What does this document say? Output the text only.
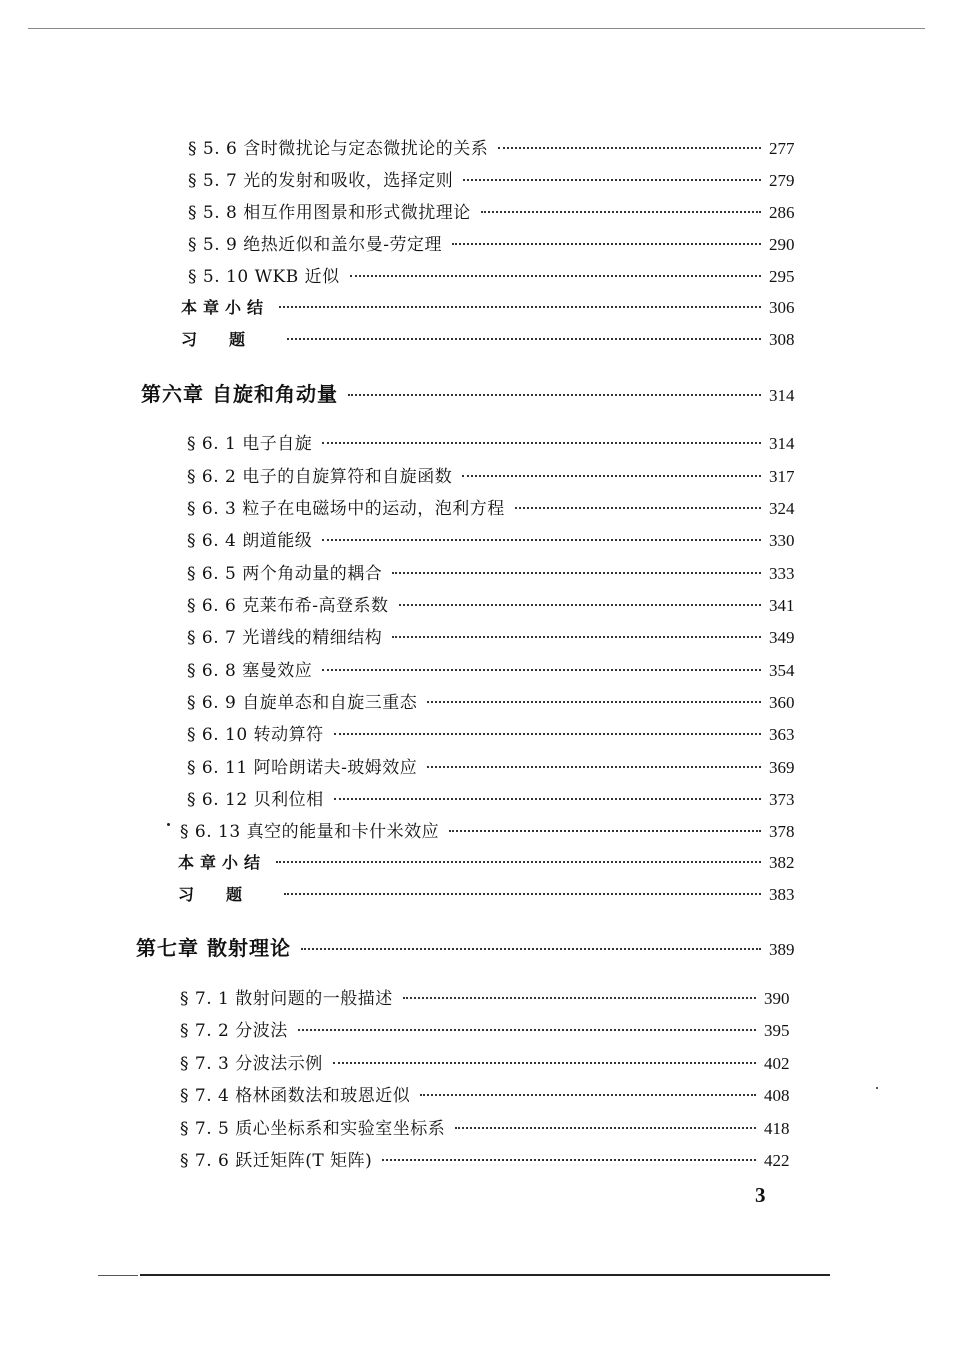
§ 5. 6 含时微扰论与定态微扰论的关系	277
§ 5. 7 光的发射和吸收，选择定则	279
§ 5. 8 相互作用图景和形式微扰理论	286
§ 5. 9 绝热近似和盖尔曼-劳定理	290
§ 5. 10 WKB 近似	295
本章小结	306
习题	308
第六章 自旋和角动量	314
§ 6. 1 电子自旋	314
§ 6. 2 电子的自旋算符和自旋函数	317
§ 6. 3 粒子在电磁场中的运动，泡利方程	324
§ 6. 4 朗道能级	330
§ 6. 5 两个角动量的耦合	333
§ 6. 6 克莱布希-高登系数	341
§ 6. 7 光谱线的精细结构	349
§ 6. 8 塞曼效应	354
§ 6. 9 自旋单态和自旋三重态	360
§ 6. 10 转动算符	363
§ 6. 11 阿哈朗诺夫-玻姆效应	369
§ 6. 12 贝利位相	373
§ 6. 13 真空的能量和卡什米效应	378
本章小结	382
习题	383
第七章 散射理论	389
§ 7. 1 散射问题的一般描述	390
§ 7. 2 分波法	395
§ 7. 3 分波法示例	402
§ 7. 4 格林函数法和玻恩近似	408
§ 7. 5 质心坐标系和实验室坐标系	418
§ 7. 6 跃迁矩阵(T 矩阵)	422
3
